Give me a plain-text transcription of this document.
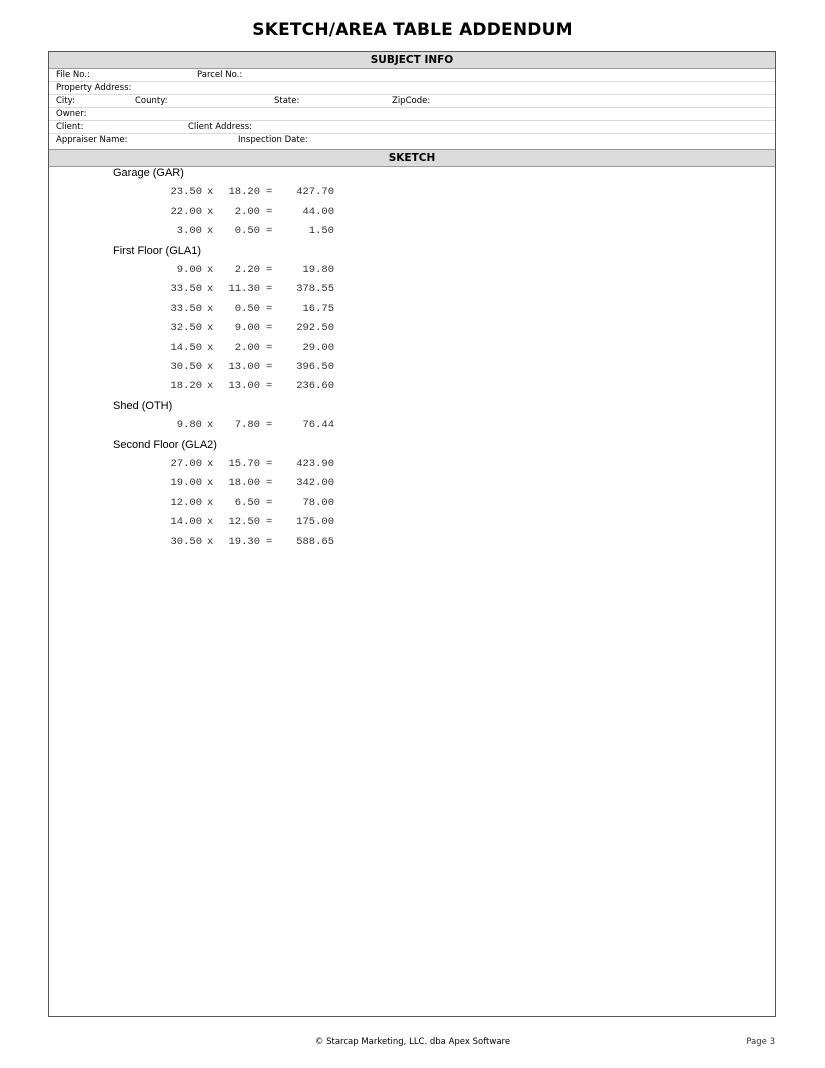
SKETCH/AREA TABLE ADDENDUM
SUBJECT INFO
File No.:	Parcel No.:
Property Address:
City:	County:	State:	ZipCode:
Owner:
Client:	Client Address:
Appraiser Name:	Inspection Date:
SKETCH
Garage (GAR)
23.50 x	18.20 =	427.70
22.00 x	2.00 =	44.00
3.00 x	0.50 =	1.50
First Floor (GLA1)
9.00 x	2.20 =	19.80
33.50 x	11.30 =	378.55
33.50 x	0.50 =	16.75
32.50 x	9.00 =	292.50
14.50 x	2.00 =	29.00
30.50 x	13.00 =	396.50
18.20 x	13.00 =	236.60
Shed (OTH)
9.80 x	7.80 =	76.44
Second Floor (GLA2)
27.00 x	15.70 =	423.90
19.00 x	18.00 =	342.00
12.00 x	6.50 =	78.00
14.00 x	12.50 =	175.00
30.50 x	19.30 =	588.65
© Starcap Marketing, LLC. dba Apex Software	Page 3
